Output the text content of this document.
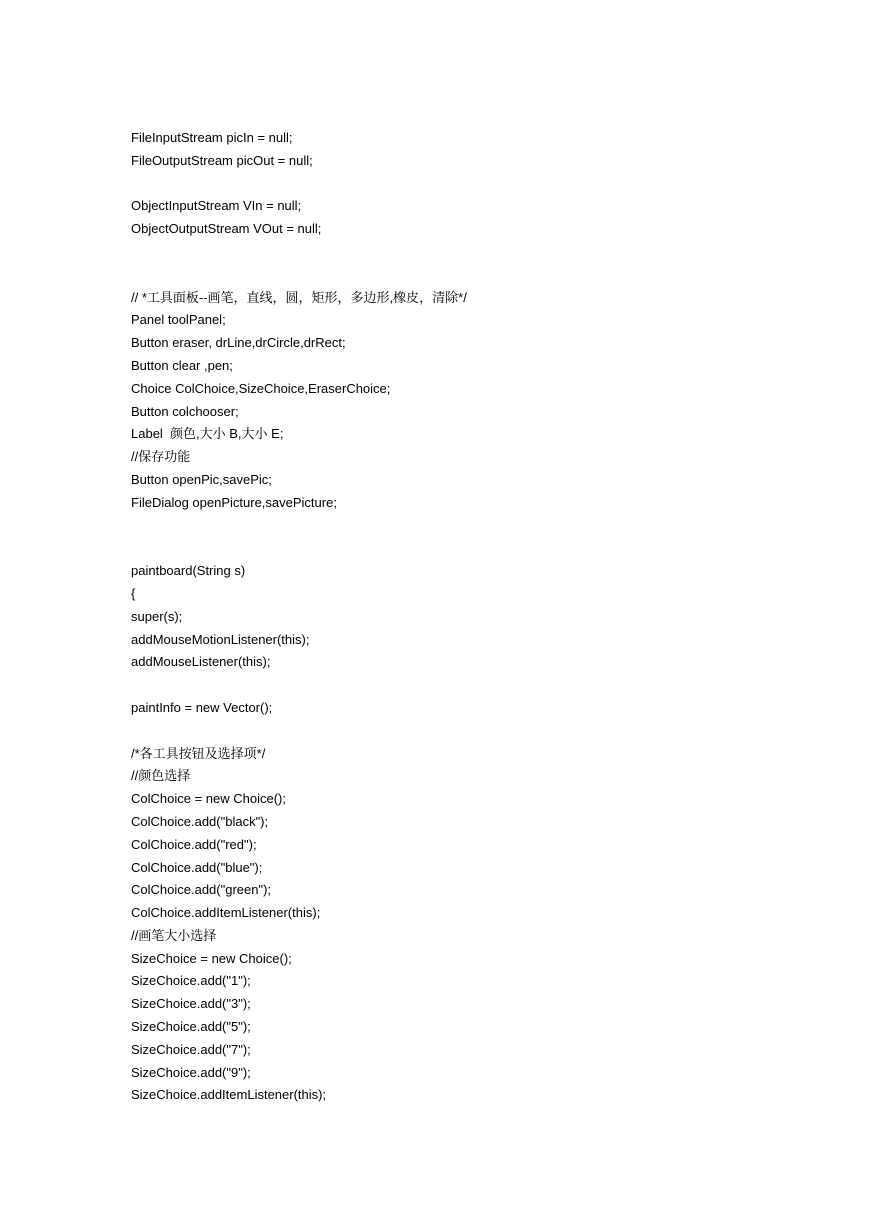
FileInputStream picIn = null;
FileOutputStream picOut = null;
ObjectInputStream VIn = null;
ObjectOutputStream VOut = null;
// *工具面板--画笔，直线，圆，矩形，多边形,橡皮，清除*/
Panel toolPanel;
Button eraser, drLine,drCircle,drRect;
Button clear ,pen;
Choice ColChoice,SizeChoice,EraserChoice;
Button colchooser;
Label  颜色,大小 B,大小 E;
//保存功能
Button openPic,savePic;
FileDialog openPicture,savePicture;
paintboard(String s)
{
super(s);
addMouseMotionListener(this);
addMouseListener(this);
paintInfo = new Vector();
/*各工具按钮及选择项*/
//颜色选择
ColChoice = new Choice();
ColChoice.add("black");
ColChoice.add("red");
ColChoice.add("blue");
ColChoice.add("green");
ColChoice.addItemListener(this);
//画笔大小选择
SizeChoice = new Choice();
SizeChoice.add("1");
SizeChoice.add("3");
SizeChoice.add("5");
SizeChoice.add("7");
SizeChoice.add("9");
SizeChoice.addItemListener(this);
